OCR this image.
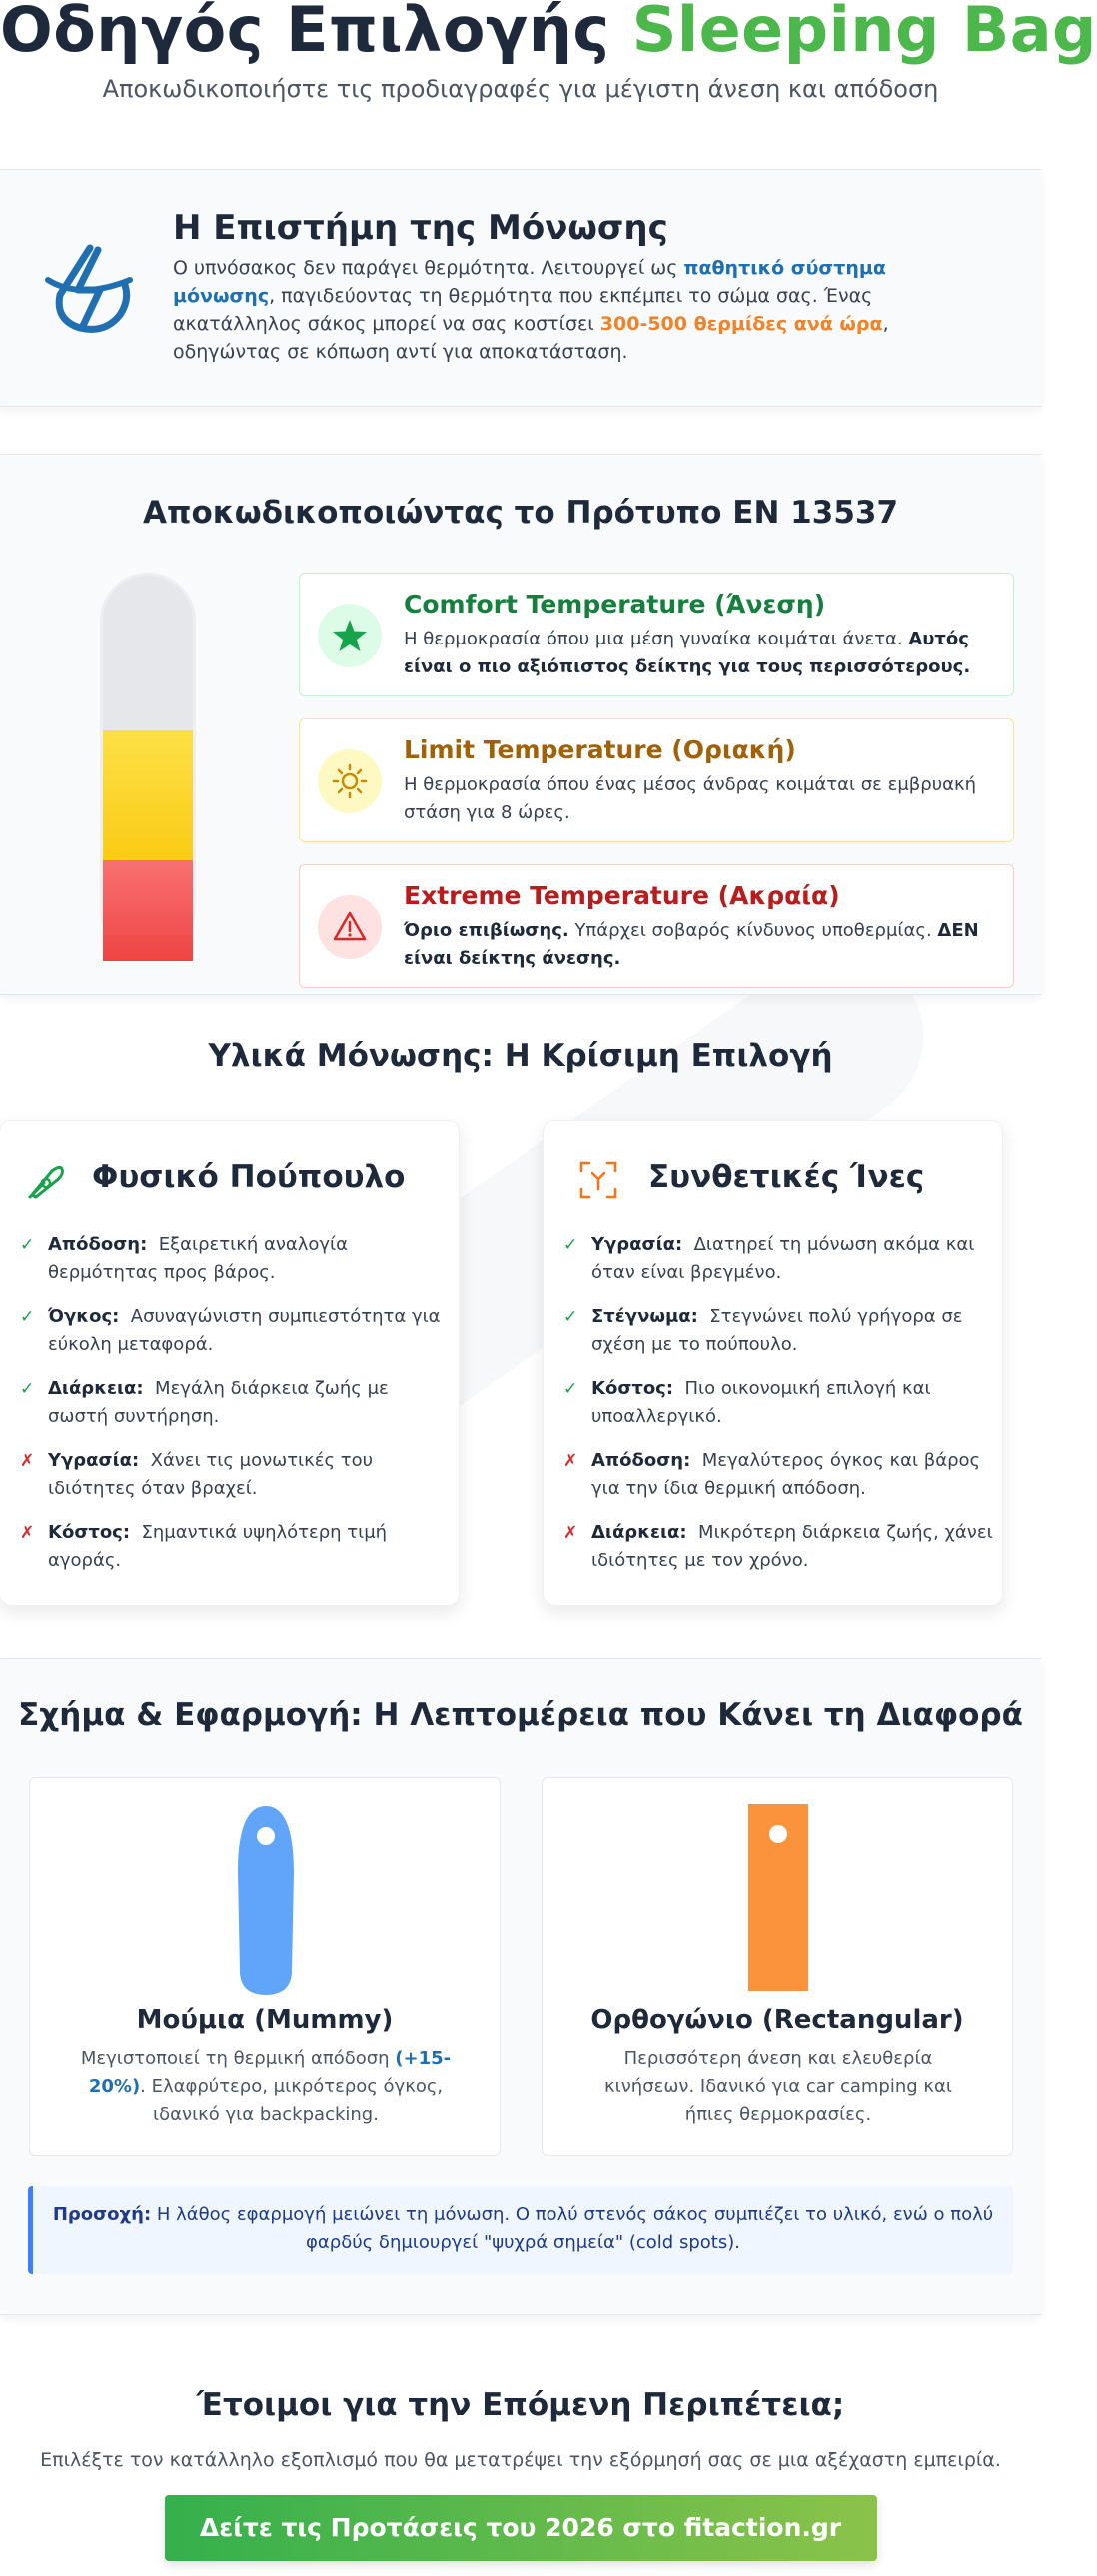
Οδηγός Επιλογής Sleeping Bag
Αποκωδικοποιήστε τις προδιαγραφές για μέγιστη άνεση και απόδοση
Η Επιστήμη της Μόνωσης
Ο υπνόσακος δεν παράγει θερμότητα. Λειτουργεί ως παθητικό σύστημα μόνωσης, παγιδεύοντας τη θερμότητα που εκπέμπει το σώμα σας. Ένας ακατάλληλος σάκος μπορεί να σας κοστίσει 300-500 θερμίδες ανά ώρα, οδηγώντας σε κόπωση αντί για αποκατάσταση.
Αποκωδικοποιώντας το Πρότυπο EN 13537
Comfort Temperature (Άνεση)
Η θερμοκρασία όπου μια μέση γυναίκα κοιμάται άνετα. Αυτός είναι ο πιο αξιόπιστος δείκτης για τους περισσότερους.
Limit Temperature (Οριακή)
Η θερμοκρασία όπου ένας μέσος άνδρας κοιμάται σε εμβρυακή στάση για 8 ώρες.
Extreme Temperature (Ακραία)
Όριο επιβίωσης. Υπάρχει σοβαρός κίνδυνος υποθερμίας. ΔΕΝ είναι δείκτης άνεσης.
Υλικά Μόνωσης: Η Κρίσιμη Επιλογή
Φυσικό Πούπουλο
✓ Απόδοση: Εξαιρετική αναλογία θερμότητας προς βάρος.
✓ Όγκος: Ασυναγώνιστη συμπιεστότητα για εύκολη μεταφορά.
✓ Διάρκεια: Μεγάλη διάρκεια ζωής με σωστή συντήρηση.
✗ Υγρασία: Χάνει τις μονωτικές του ιδιότητες όταν βραχεί.
✗ Κόστος: Σημαντικά υψηλότερη τιμή αγοράς.
Συνθετικές Ίνες
✓ Υγρασία: Διατηρεί τη μόνωση ακόμα και όταν είναι βρεγμένο.
✓ Στέγνωμα: Στεγνώνει πολύ γρήγορα σε σχέση με το πούπουλο.
✓ Κόστος: Πιο οικονομική επιλογή και υποαλλεργικό.
✗ Απόδοση: Μεγαλύτερος όγκος και βάρος για την ίδια θερμική απόδοση.
✗ Διάρκεια: Μικρότερη διάρκεια ζωής, χάνει ιδιότητες με τον χρόνο.
Σχήμα & Εφαρμογή: Η Λεπτομέρεια που Κάνει τη Διαφορά
Μούμια (Mummy)
Μεγιστοποιεί τη θερμική απόδοση (+15-20%). Ελαφρύτερο, μικρότερος όγκος, ιδανικό για backpacking.
Ορθογώνιο (Rectangular)
Περισσότερη άνεση και ελευθερία κινήσεων. Ιδανικό για car camping και ήπιες θερμοκρασίες.
Προσοχή: Η λάθος εφαρμογή μειώνει τη μόνωση. Ο πολύ στενός σάκος συμπιέζει το υλικό, ενώ ο πολύ φαρδύς δημιουργεί "ψυχρά σημεία" (cold spots).
Έτοιμοι για την Επόμενη Περιπέτεια;
Επιλέξτε τον κατάλληλο εξοπλισμό που θα μετατρέψει την εξόρμησή σας σε μια αξέχαστη εμπειρία.
Δείτε τις Προτάσεις του 2026 στο fitaction.gr
